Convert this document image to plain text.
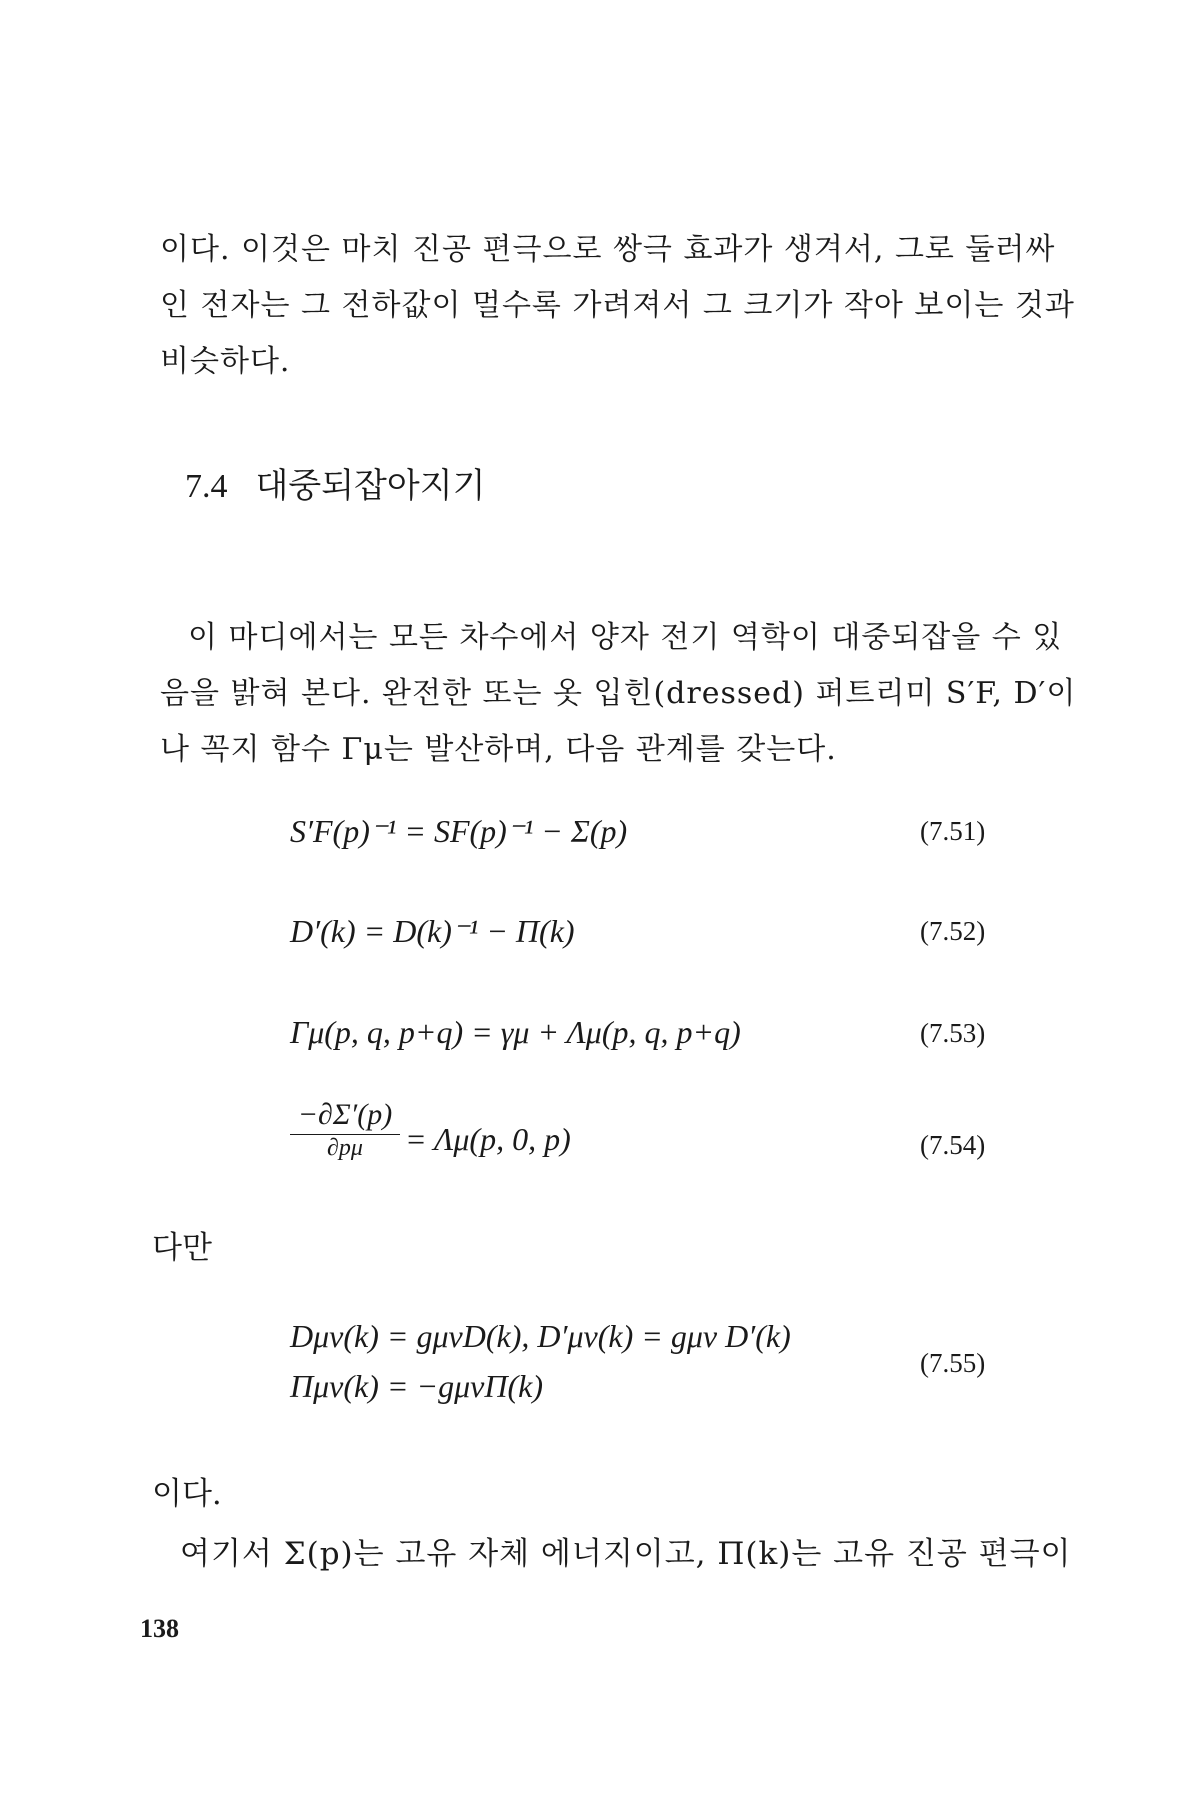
이다. 이것은 마치 진공 편극으로 쌍극 효과가 생겨서, 그로 둘러싸
인 전자는 그 전하값이 멀수록 가려져서 그 크기가 작아 보이는 것과
비슷하다.

7.4 대중되잡아지기

이 마디에서는 모든 차수에서 양자 전기 역학이 대중되잡을 수 있
음을 밝혀 본다. 완전한 또는 옷 입힌(dressed) 퍼트리미 S′F, D′이
나 꼭지 함수 Γμ는 발산하며, 다음 관계를 갖는다.

S′F(p)⁻¹ = SF(p)⁻¹ − Σ(p)	(7.51)
D′(k) = D(k)⁻¹ − Π(k)	(7.52)
Γμ(p, q, p+q) = γμ + Λμ(p, q, p+q)	(7.53)
−∂Σ′(p)
∂pμ	= Λμ(p, 0, p)	(7.54)

다만

Dμν(k) = gμνD(k), D′μν(k) = gμν D′(k)
Πμν(k) = −gμνΠ(k)
(7.55)

이다.

여기서 Σ(p)는 고유 자체 에너지이고, Π(k)는 고유 진공 편극이

138
